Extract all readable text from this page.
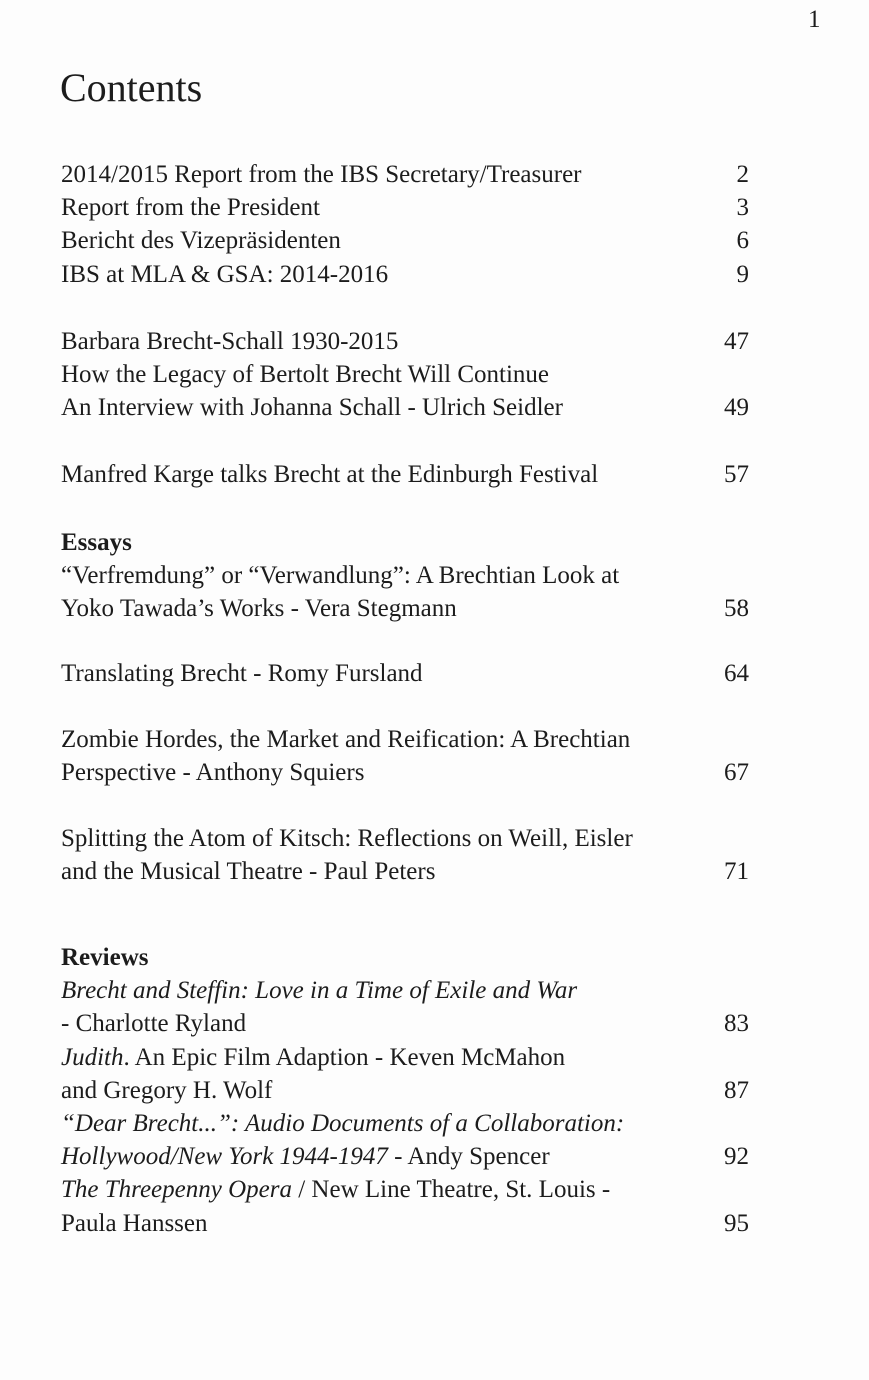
1
Contents
2014/2015 Report from the IBS Secretary/Treasurer	2
Report from the President	3
Bericht des Vizepräsidenten	6
IBS at MLA & GSA: 2014-2016	9
Barbara Brecht-Schall 1930-2015	47
How the Legacy of Bertolt Brecht Will Continue
An Interview with Johanna Schall - Ulrich Seidler	49
Manfred Karge talks Brecht at the Edinburgh Festival	57
Essays
“Verfremdung” or “Verwandlung”: A Brechtian Look at
Yoko Tawada’s Works - Vera Stegmann	58
Translating Brecht - Romy Fursland	64
Zombie Hordes, the Market and Reification: A Brechtian
Perspective - Anthony Squiers	67
Splitting the Atom of Kitsch: Reflections on Weill, Eisler
and the Musical Theatre - Paul Peters	71
Reviews
Brecht and Steffin: Love in a Time of Exile and War
- Charlotte Ryland	83
Judith. An Epic Film Adaption - Keven McMahon
and Gregory H. Wolf	87
“Dear Brecht...”: Audio Documents of a Collaboration:
Hollywood/New York 1944-1947 - Andy Spencer	92
The Threepenny Opera / New Line Theatre, St. Louis -
Paula Hanssen	95
